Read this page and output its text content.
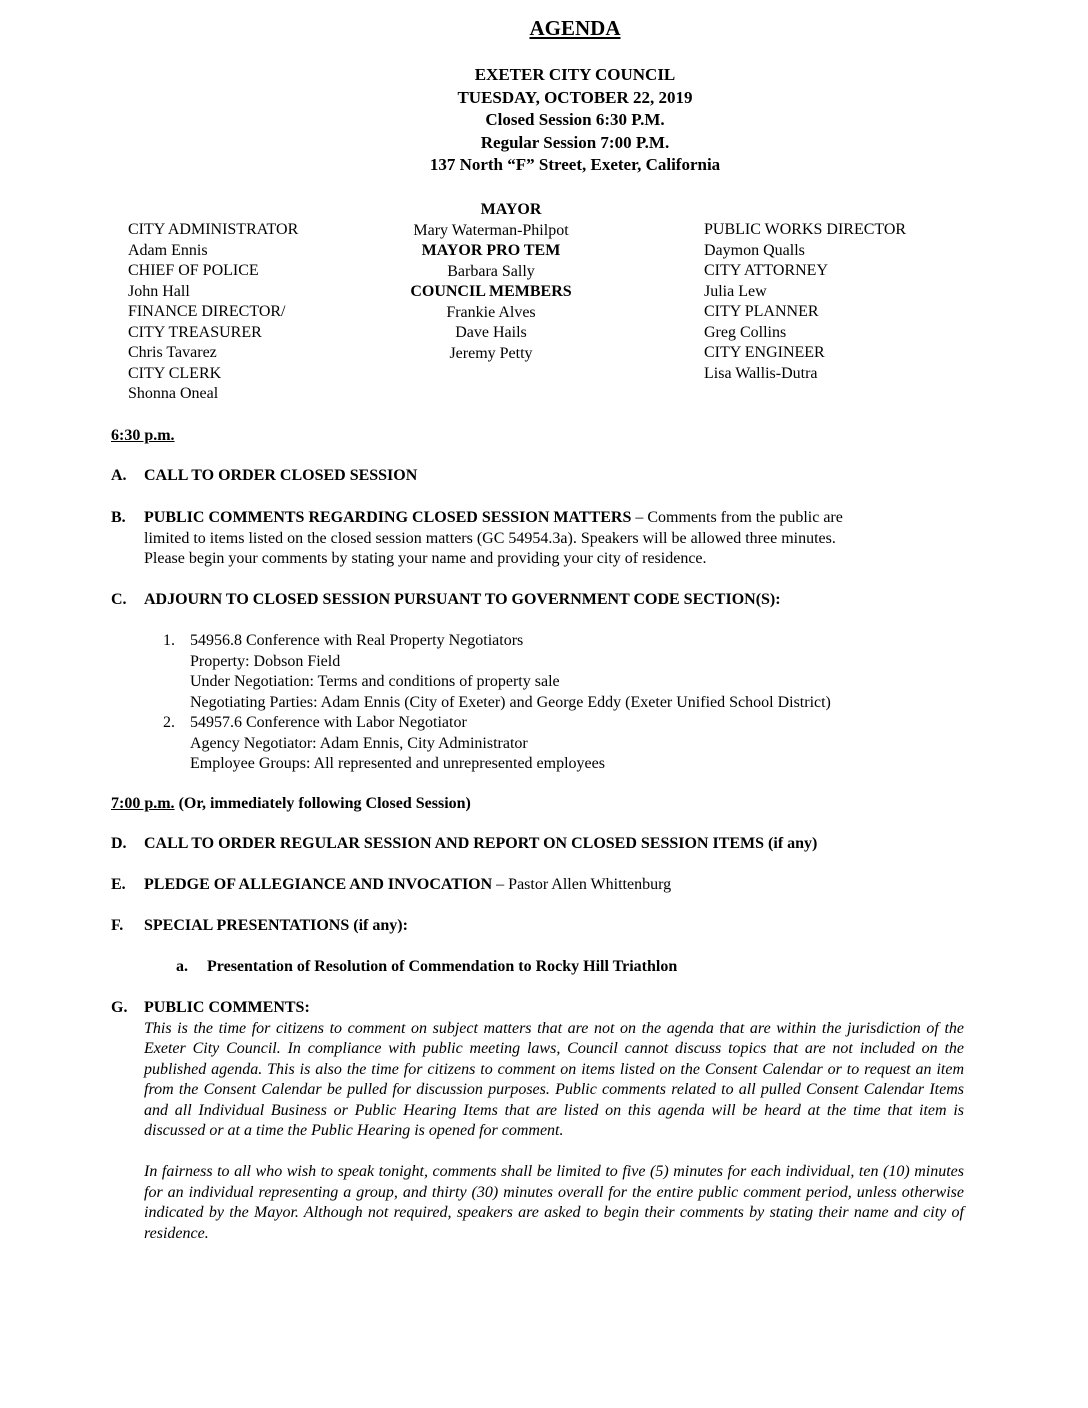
AGENDA
EXETER CITY COUNCIL
TUESDAY, OCTOBER 22, 2019
Closed Session 6:30 P.M.
Regular Session 7:00 P.M.
137 North “F” Street, Exeter, California
CITY ADMINISTRATOR
Adam Ennis
CHIEF OF POLICE
John Hall
FINANCE DIRECTOR/
CITY TREASURER
Chris Tavarez
CITY CLERK
Shonna Oneal
MAYOR
Mary Waterman-Philpot
MAYOR PRO TEM
Barbara Sally
COUNCIL MEMBERS
Frankie Alves
Dave Hails
Jeremy Petty
PUBLIC WORKS DIRECTOR
Daymon Qualls
CITY ATTORNEY
Julia Lew
CITY PLANNER
Greg Collins
CITY ENGINEER
Lisa Wallis-Dutra
6:30 p.m.
A. CALL TO ORDER CLOSED SESSION
B. PUBLIC COMMENTS REGARDING CLOSED SESSION MATTERS – Comments from the public are
limited to items listed on the closed session matters (GC 54954.3a). Speakers will be allowed three minutes.
Please begin your comments by stating your name and providing your city of residence.
C. ADJOURN TO CLOSED SESSION PURSUANT TO GOVERNMENT CODE SECTION(S):
1. 54956.8 Conference with Real Property Negotiators
Property: Dobson Field
Under Negotiation: Terms and conditions of property sale
Negotiating Parties: Adam Ennis (City of Exeter) and George Eddy (Exeter Unified School District)
2. 54957.6 Conference with Labor Negotiator
Agency Negotiator: Adam Ennis, City Administrator
Employee Groups: All represented and unrepresented employees
7:00 p.m. (Or, immediately following Closed Session)
D. CALL TO ORDER REGULAR SESSION AND REPORT ON CLOSED SESSION ITEMS (if any)
E. PLEDGE OF ALLEGIANCE AND INVOCATION – Pastor Allen Whittenburg
F. SPECIAL PRESENTATIONS (if any):
a. Presentation of Resolution of Commendation to Rocky Hill Triathlon
G. PUBLIC COMMENTS:
This is the time for citizens to comment on subject matters that are not on the agenda that are within the jurisdiction of the Exeter City Council. In compliance with public meeting laws, Council cannot discuss topics that are not included on the published agenda. This is also the time for citizens to comment on items listed on the Consent Calendar or to request an item from the Consent Calendar be pulled for discussion purposes. Public comments related to all pulled Consent Calendar Items and all Individual Business or Public Hearing Items that are listed on this agenda will be heard at the time that item is discussed or at a time the Public Hearing is opened for comment.
In fairness to all who wish to speak tonight, comments shall be limited to five (5) minutes for each individual, ten (10) minutes for an individual representing a group, and thirty (30) minutes overall for the entire public comment period, unless otherwise indicated by the Mayor. Although not required, speakers are asked to begin their comments by stating their name and city of residence.
